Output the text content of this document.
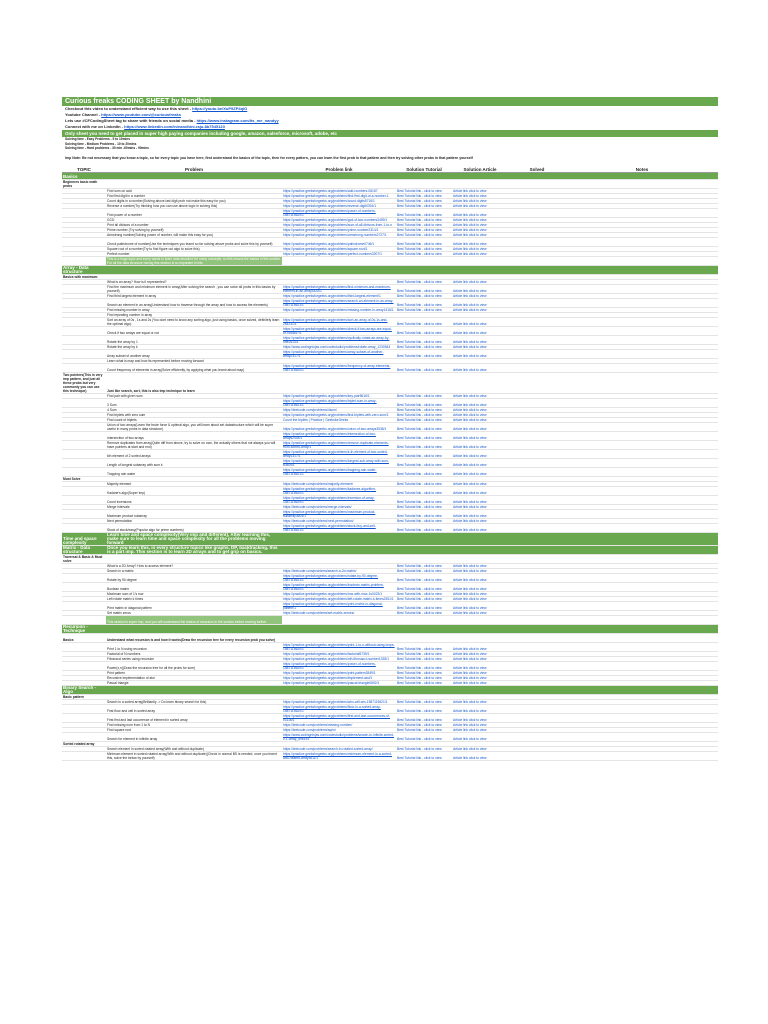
Curious freaks CODING SHEET by Nandhini
Checkout this video to understand efficient way to use this sheet - https://youtu.be/XuP9ZP4qlO
Youtube Channel - https://www.youtube.com/@curiousfreaks
Lets use #CFCodingSheet tag to share with friends on social media - https://www.instagram.com/its_me_nandyy
Connect with me on LinkedIn - https://www.linkedin.com/in/nandhini-raju-8b7545123
Only sheet you need to get placed in super high paying companies including google, amazon, salesforce, microsoft, adobe, etc
Solving time - Easy Problems - 5 to 10mins
Solving time - Medium Problems - 10 to 20mins
Solving time - Hard problems - 30 min -60mins - 90mins
Imp Note: Be not necessary that you know a topic, so for every topic you have here, first understand the basics of the topic, then for every pattern, you can learn the first prob in that pattern and then try solving other probs in that pattern yourself
TOPIC	Problem	Problem link	Solution Tutorial	Solution Article	Solved	Notes
Basics						
Beginners basic math probs						
	Find sum on add	https://practice.geeksforgeeks.org/problems/add-numbers-06187	Best Tutorial link - click to view	Article link click to view		
	Find first digit in a number	https://practice.geeksforgeeks.org/problems/find-first-digit-of-a-number-1	Best Tutorial link - click to view	Article link click to view		
	Count digits in a number(Solving above last digit prob not make this easy for you)	https://practice.geeksforgeeks.org/problems/count-digits5716/1	Best Tutorial link - click to view	Article link click to view		
	Reverse a number(Try thinking how you can use above logic in solving this)	https://practice.geeksforgeeks.org/problems/reverse-digit0316/1	Best Tutorial link - click to view	Article link click to view		
	Find power of a number	https://practice.geeksforgeeks.org/problems/power-of-numbers-1587115620/1	Best Tutorial link - click to view	Article link click to view		
	GCD	https://practice.geeksforgeeks.org/problems/gcd-of-two-numbers3459/1	Best Tutorial link - click to view	Article link click to view		
	Print all divisors of a number	https://practice.geeksforgeeks.org/problems/sum-of-all-divisors-from-1-to-n	Best Tutorial link - click to view	Article link click to view		
	Prime number (Try solving by yourself)	https://practice.geeksforgeeks.org/problems/prime-number2314/1	Best Tutorial link - click to view	Article link click to view		
	Armstrong number(Solving power of number, will make this easy for you)	https://practice.geeksforgeeks.org/problems/armstrong-numbers2727/1	Best Tutorial link - click to view	Article link click to view		
	Check palindrome of number(Use the techniques you learnt so far solving above probs and solve this by yourself)	https://practice.geeksforgeeks.org/problems/palindrome0746/1	Best Tutorial link - click to view	Article link click to view		
	Square root of a number(Try to find figure out algo to solve this)	https://practice.geeksforgeeks.org/problems/square-root/1	Best Tutorial link - click to view	Article link click to view		
	Perfect number	https://practice.geeksforgeeks.org/problems/perfect-numbers3207/1	Best Tutorial link - click to view	Article link click to view		
	This is a huge topic and every wants to learn data structure for many concepts, so this means the basics in this section. For all the data structure having this section is so important in this					
Array - Data structure						
Basics with maximum						
	What is an array? How is it represented?		Best Tutorial link - click to view	Article link click to view		
	Find the maximum and minimum element in array(After solving the search , you can solve all probs in this basics by yourself)	https://practice.geeksforgeeks.org/problems/find-minimum-and-maximum-element-in-an-array4428/1	Best Tutorial link - click to view	Article link click to view		
	Find third largest element in array	https://practice.geeksforgeeks.org/problems/third-largest-element/1	Best Tutorial link - click to view	Article link click to view		
	Search an element in an array(Understand how to traverse through the array and how to access the elements)	https://practice.geeksforgeeks.org/problems/search-an-element-in-an-array-1587115621/1	Best Tutorial link - click to view	Article link click to view		
	Find missing number in array	https://practice.geeksforgeeks.org/problems/missing-number-in-array1416/1	Best Tutorial link - click to view	Article link click to view		
	Find repeating number in array					
	Sort an array of 0s , 1s and 2s (You dont need to know any sorting algo, just using basics, once solved, definitely learn the optimal algo)	https://practice.geeksforgeeks.org/problems/sort-an-array-of-0s-1s-and-2s4231/1	Best Tutorial link - click to view	Article link click to view		
	Check if two arrays are equal or not	https://practice.geeksforgeeks.org/problems/check-if-two-arrays-are-equal-or-not3847/1	Best Tutorial link - click to view	Article link click to view		
	Rotate the array by 1	https://practice.geeksforgeeks.org/problems/cyclically-rotate-an-array-by-one2614/1	Best Tutorial link - click to view	Article link click to view		
	Rotate the array by k	https://www.codingninjas.com/codestudio/problems/rotate-array_1230543	Best Tutorial link - click to view	Article link click to view		
	Array subset of another array	https://practice.geeksforgeeks.org/problems/array-subset-of-another-array2317/1	Best Tutorial link - click to view	Article link click to view		
	Learn what is map and how its represented before moving forward					
	Count frequency of elements in array(Solve efficiently, by applying what you learnt about map)	https://practice.geeksforgeeks.org/problems/frequency-of-array-elements-1587115620/1	Best Tutorial link - click to view	Article link click to view		
Two pointers(This is very imp pattern, and just all these probs but very commonly you can use this technique)	Just like search, sort, this is also imp technique to learn					
	Find pair with given sum	https://practice.geeksforgeeks.org/problems/key-pair5616/1	Best Tutorial link - click to view	Article link click to view		
	3 Sum	https://practice.geeksforgeeks.org/problems/triplet-sum-in-array-1587115621/1	Best Tutorial link - click to view	Article link click to view		
	4 Sum	https://leetcode.com/problems/4sum/	Best Tutorial link - click to view	Article link click to view		
	Find triplets with zero sum	https://practice.geeksforgeeks.org/problems/find-triplets-with-zero-sum/1	Best Tutorial link - click to view	Article link click to view		
	Find count of triplets	Count the triplets | Practice | GeeksforGeeks	Best Tutorial link - click to view	Article link click to view		
	Union of two arrays(Learn the brute force & optimal algo, you will learn about set datastructure which will be super useful in many probs in data structure)	https://practice.geeksforgeeks.org/problems/union-of-two-arrays3538/1	Best Tutorial link - click to view	Article link click to view		
	Intersection of two arrays	https://practice.geeksforgeeks.org/problems/intersection-of-two-arrays2404/1	Best Tutorial link - click to view	Article link click to view		
	Remove duplicates from array(Quite diff from above, try to solve on own, the actually others that not always you will have pointers at start and end)	https://practice.geeksforgeeks.org/problems/remove-duplicate-elements-from-sorted-array/1	Best Tutorial link - click to view	Article link click to view		
	kth element of 2 sorted arrays	https://practice.geeksforgeeks.org/problems/k-th-element-of-two-sorted-array1317/1	Best Tutorial link - click to view	Article link click to view		
	Length of longest subarray with sum k	https://practice.geeksforgeeks.org/problems/longest-sub-array-with-sum-k0809/1	Best Tutorial link - click to view	Article link click to view		
	Trapping rain water	https://practice.geeksforgeeks.org/problems/trapping-rain-water-1587115621/1	Best Tutorial link - click to view	Article link click to view		
Must Solve						
	Majority element	https://leetcode.com/problems/majority-element/	Best Tutorial link - click to view	Article link click to view		
	Kadane's algo(Super Imp)	https://practice.geeksforgeeks.org/problems/kadanes-algorithm-1587115620/1	Best Tutorial link - click to view	Article link click to view		
	Count inversions	https://practice.geeksforgeeks.org/problems/inversion-of-array-1587115620/1	Best Tutorial link - click to view	Article link click to view		
	Merge intervals	https://leetcode.com/problems/merge-intervals/	Best Tutorial link - click to view	Article link click to view		
	Maximum product subarray	https://practice.geeksforgeeks.org/problems/maximum-product-subarray3604/1	Best Tutorial link - click to view	Article link click to view		
	Next permutation	https://leetcode.com/problems/next-permutation/	Best Tutorial link - click to view	Article link click to view		
	Stock of stock/easy(Popular algo for prime numbers)	https://practice.geeksforgeeks.org/problems/stock-buy-and-sell-1587115621/1	Best Tutorial link - click to view	Article link click to view		
Time and space complexity	Learn time and space complexity(Very imp and different), After learning this, make sure to learn time and space complexity for all the problems moving forward					
Matrix - Data structure	Once you learn this, in every structure topics like graphs, DP, backtracking, this is a part imp. This section is to learn 2D arrays and to get grip on basics.					
Traversal & Basic & Must solve						
	What is a 2D Array? How to access element?		Best Tutorial link - click to view	Article link click to view		
	Search in a matrix	https://leetcode.com/problems/search-a-2d-matrix/	Best Tutorial link - click to view	Article link click to view		
	Rotate by 90 degree	https://practice.geeksforgeeks.org/problems/rotate-by-90-degree-1587115621/1	Best Tutorial link - click to view	Article link click to view		
	Boolean matrix	https://practice.geeksforgeeks.org/problems/boolean-matrix-problem-1587115620/1	Best Tutorial link - click to view	Article link click to view		
	Maximum sum of 1's row	https://practice.geeksforgeeks.org/problems/row-with-max-1s0023/1	Best Tutorial link - click to view	Article link click to view		
	Left rotate matrix k times	https://practice.geeksforgeeks.org/problems/left-rotate-matrix-k-times2351/1	Best Tutorial link - click to view	Article link click to view		
	Print matrix in diagonal pattern	https://practice.geeksforgeeks.org/problems/print-matrix-in-diagonal-pattern/1	Best Tutorial link - click to view	Article link click to view		
	Set matrix zeros	https://leetcode.com/problems/set-matrix-zeroes/	Best Tutorial link - click to view	Article link click to view		
	This section is super imp, and you will understand the basics of recursion in the section before moving further					
Recursion - Technique						
Basics	Understand what recursion is and how it works(Draw the recursion tree for every recursion prob you solve)					
	Print 1 to N using recursion	https://practice.geeksforgeeks.org/problems/print-1-to-n-without-using-loops-1587115620/1	Best Tutorial link - click to view	Article link click to view		
	Factorial of N numbers	https://practice.geeksforgeeks.org/problems/factorial5739/1	Best Tutorial link - click to view	Article link click to view		
	Fibonacci series using recursion	https://practice.geeksforgeeks.org/problems/nth-fibonacci-number1335/1	Best Tutorial link - click to view	Article link click to view		
	Power(x,n)(Draw the recursion tree for all the probs for sure)	https://practice.geeksforgeeks.org/problems/power-of-numbers-1587115620/1	Best Tutorial link - click to view	Article link click to view		
	Print pattern	https://practice.geeksforgeeks.org/problems/print-pattern3549/1	Best Tutorial link - click to view	Article link click to view		
	Recursive implementation of atoi	https://practice.geeksforgeeks.org/problems/implement-atoi/1	Best Tutorial link - click to view	Article link click to view		
	Pascal triangle	https://practice.geeksforgeeks.org/problems/pascal-triangle0652/1	Best Tutorial link - click to view	Article link click to view		
Binary Search - Algo						
Basic pattern						
	Search in a sorted array(Brilliantly -> Do learn binary search for this)	https://practice.geeksforgeeks.org/problems/who-will-win-1587115621/1	Best Tutorial link - click to view	Article link click to view		
	First floor and ceil in sorted array	https://practice.geeksforgeeks.org/problems/floor-in-a-sorted-array-1587115620/1	Best Tutorial link - click to view	Article link click to view		
	First first and last occurrence of element in sorted array	https://practice.geeksforgeeks.org/problems/first-and-last-occurrences-of-x3116/1	Best Tutorial link - click to view	Article link click to view		
	Find missing num from 1 to N	https://leetcode.com/problems/missing-number/	Best Tutorial link - click to view	Article link click to view		
	Find square root	https://leetcode.com/problems/sqrtx/	Best Tutorial link - click to view	Article link click to view		
	Search for element in infinite array	https://www.codingninjas.com/codestudio/problems/search-in-infinite-sorted-0-1-array_696193	Best Tutorial link - click to view	Article link click to view		
Sorted rotated array						
	Search element in sorted rotated array(With and without duplicate)	https://leetcode.com/problems/search-in-rotated-sorted-array/	Best Tutorial link - click to view	Article link click to view		
	Minimum element in sorted rotated array(With and without duplicate)(Check in normal BS is needed, once you learnt this, solve the below by yourself)	https://practice.geeksforgeeks.org/problems/minimum-element-in-a-sorted-and-rotated-array3611/1	Best Tutorial link - click to view	Article link click to view		
